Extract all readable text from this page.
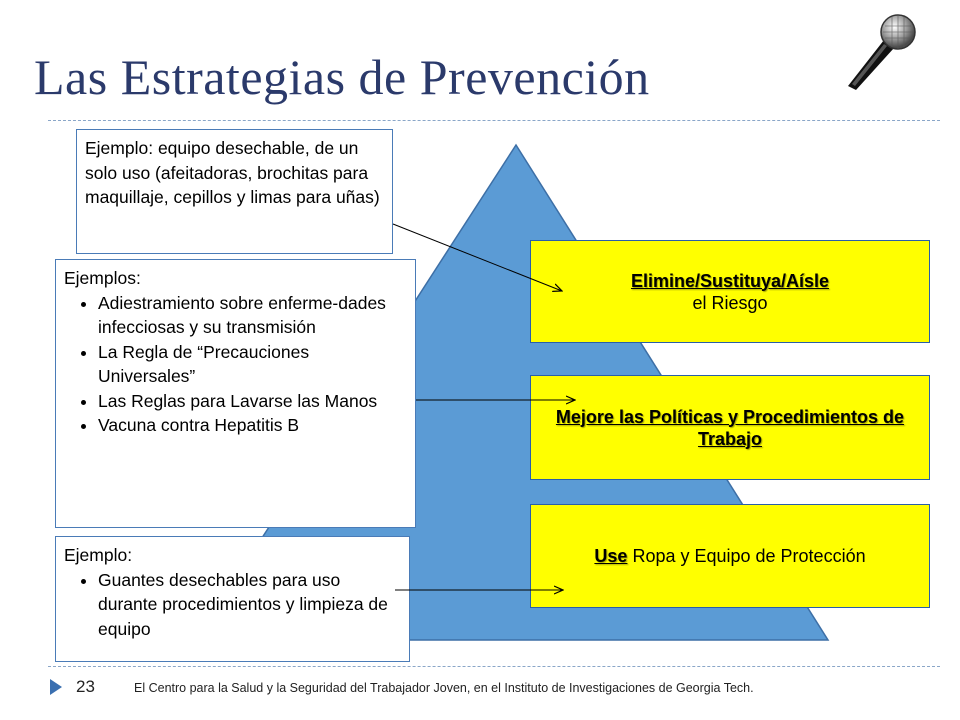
Las Estrategias de Prevención
Elimine/Sustituya/Aísle
el Riesgo
Mejore las Políticas y Procedimientos de Trabajo
Use Ropa y Equipo de Protección
Ejemplo: equipo desechable, de un solo uso (afeitadoras, brochitas para maquillaje, cepillos y limas para uñas)
Ejemplos:
• Adiestramiento sobre enferme-dades infecciosas y su transmisión
• La Regla de “Precauciones Universales”
• Las Reglas para Lavarse las Manos
• Vacuna contra Hepatitis B
Ejemplo:
• Guantes desechables para uso durante procedimientos y limpieza de equipo
23	El Centro para la Salud y la Seguridad del Trabajador Joven, en el Instituto de Investigaciones de Georgia Tech.
